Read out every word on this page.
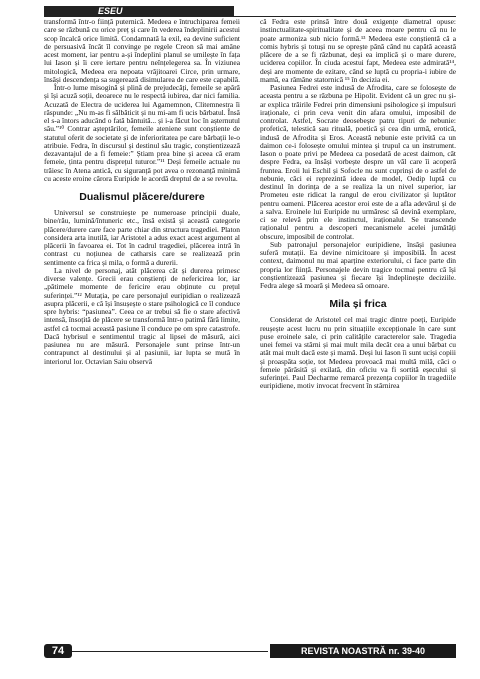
ESEU

transformă într-o ființă puternică. Medeea e întruchiparea femeii care se răzbună cu orice preț și care în vederea îndeplinirii acestui scop încalcă orice limită. Condamnată la exil, ea devine suficient de persuasivă încât îl convinge pe regele Creon să mai amâne acest moment, iar pentru a-și îndeplini planul se umilește în fața lui Iason și îi cere iertare pentru neînțelegerea sa. În viziunea mitologică, Medeea era nepoata vrăjitoarei Circe, prin urmare, însăși descendența sa sugerează disimularea de care este capabilă.

Într-o lume misogină și plină de prejudecăți, femeile se apără și își acuză soții, deoarece nu le respectă iubirea, dar nici familia. Acuzată de Electra de uciderea lui Agamemnon, Clitemnestra îi răspunde: „Nu m-as fi sălbăticit și nu mi-am fi ucis bărbatul. Însă el s-a întors aducând o fată bântuită... și i-a făcut loc în așternutul său.”¹⁰ Contrar așteptărilor, femeile ateniene sunt conștiente de statutul oferit de societate și de inferioritatea pe care bărbații le-o atribuie. Fedra, în discursul și destinul său tragic, conștientizează dezavantajul de a fi femeie:” Știam prea bine și aceea că eram femeie, ținta pentru disprețul tuturor.”¹¹ Deși femeile actuale nu trăiesc în Atena antică, cu siguranță pot avea o rezonanță minimă cu aceste eroine cărora Euripide le acordă dreptul de a se revolta.

Dualismul plăcere/durere

Universul se construiește pe numeroase principii duale, bine/rău, lumină/întuneric etc., însă există și această categorie plăcere/durere care face parte chiar din structura tragediei. Platon considera arta inutilă, iar Aristotel a adus exact acest argument al plăcerii în favoarea ei. Tot în cadrul tragediei, plăcerea intră în contrast cu noțiunea de catharsis care se realizează prin sentimente ca frica și mila, o formă a durerii.

La nivel de personaj, atât plăcerea cât și durerea primesc diverse valențe. Grecii erau conștienți de nefericirea lor, iar „pătimele momente de fericire erau obținute cu prețul suferinței.”¹² Mutația, pe care personajul euripidian o realizează asupra plăcerii, e că își însușește o stare psihologică ce îl conduce spre hybris: “pasiunea”. Ceea ce ar trebui să fie o stare afectivă intensă, însoțită de plăcere se transformă într-o patimă fără limite, astfel că tocmai această pasiune îl conduce pe om spre catastrofe. Dacă hybrisul e sentimentul tragic al lipsei de măsură, aici pasiunea nu are măsură. Personajele sunt prinse într-un contrapunct al destinului și al pasiunii, iar lupta se mută în interiorul lor. Octavian Saiu observă

că Fedra este prinsă între două exigențe diametral opuse: instinctualitate-spiritualitate și de aceea moare pentru că nu le poate armoniza sub nicio formă.¹³ Medeea este conștientă că a comis hybris și totuși nu se oprește până când nu capătă această plăcere de a se fi răzbunat, deși ea implică și o mare durere, uciderea copiilor. În ciuda acestui fapt, Medeea este admirată¹⁴, deși are momente de ezitare, când se luptă cu propria-i iubire de mamă, ea rămâne statornică ¹⁵ în decizia ei.

Pasiunea Fedrei este indusă de Afrodita, care se folosește de aceasta pentru a se răzbuna pe Hipolit. Evident că un grec nu și-ar explica trăirile Fedrei prin dimensiuni psihologice și impulsuri iraționale, ci prin ceva venit din afara omului, imposibil de controlat. Astfel, Socrate deosebește patru tipuri de nebunie: profetică, telestică sau rituală, poetică și cea din urmă, erotică, indusă de Afrodita și Eros. Această nebunie este privită ca un daimon ce-i folosește omului mintea și trupul ca un instrument. Iason o poate privi pe Medeea ca posedată de acest daimon, cât despre Fedra, ea însăși vorbește despre un văl care îi acoperă fruntea. Eroii lui Eschil și Sofocle nu sunt cuprinși de o astfel de nebunie, căci ei reprezintă ideea de model, Oedip luptă cu destinul în dorința de a se realiza la un nivel superior, iar Prometeu este ridicat la rangul de erou civilizator și luptător pentru oameni. Plăcerea acestor eroi este de a afla adevărul și de a salva. Eroinele lui Euripide nu urmăresc să devină exemplare, ci se relevă prin ele instinctul, iraționalul. Se transcende raționalul pentru a descoperi mecanismele acelei jumătăți obscure, imposibil de controlat.

Sub patronajul personajelor euripidiene, însăși pasiunea suferă mutații. Ea devine nimicitoare și imposibilă. În acest context, daimonul nu mai aparține exteriorului, ci face parte din propria lor ființă. Personajele devin tragice tocmai pentru că își conștientizează pasiunea și fiecare își îndeplinește deciziile. Fedra alege să moară și Medeea să omoare.

Mila și frica

Considerat de Aristotel cel mai tragic dintre poeți, Euripide reușește acest lucru nu prin situațiile excepționale în care sunt puse eroinele sale, ci prin calitățile caracterelor sale. Tragedia unei femei va stârni și mai mult mila decât cea a unui bărbat cu atât mai mult dacă este și mamă. Deși lui Iason îi sunt uciși copiii și proaspăta soție, tot Medeea provoacă mai multă milă, căci o femeie părăsită și exilată, din oficiu va fi sortită eșecului și suferinței. Paul Decharme remarcă prezența copiilor în tragediile euripidiene, motiv invocat frecvent în stârnirea

74	REVISTA NOASTRĂ nr. 39-40
